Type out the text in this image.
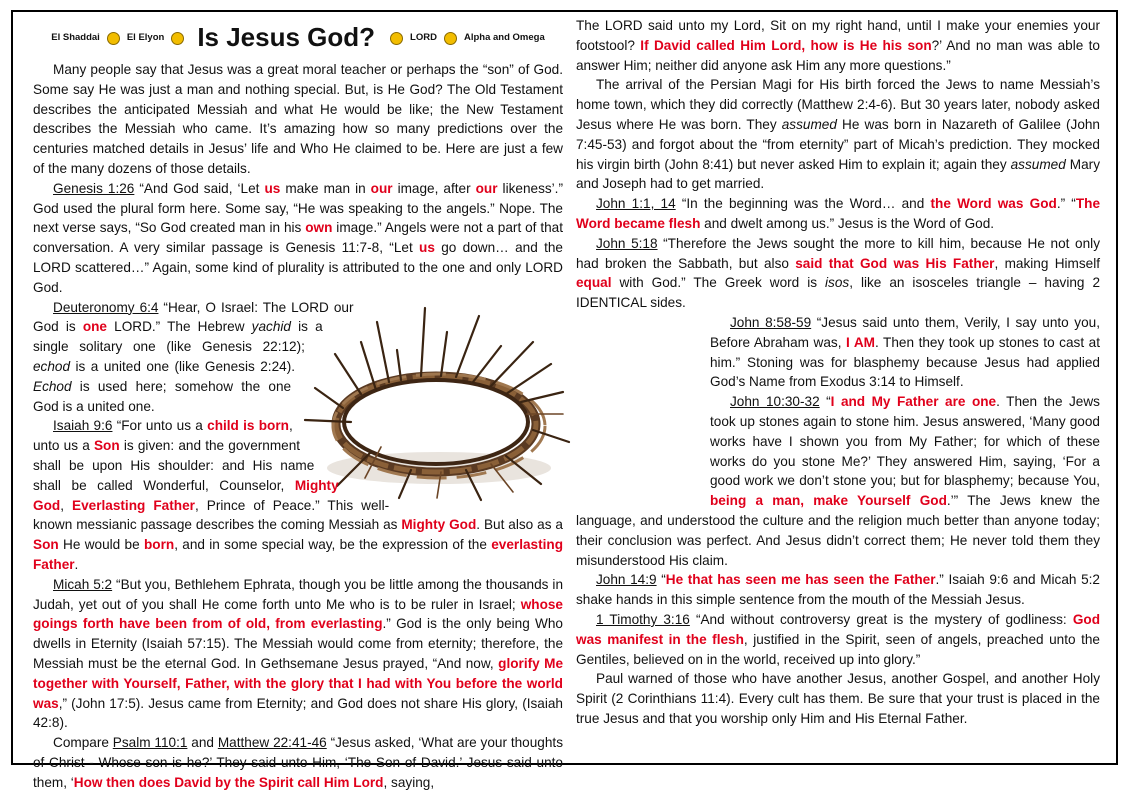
El Shaddai	El Elyon Is Jesus God?	LORD	Alpha and Omega

Many people say that Jesus was a great moral teacher or perhaps the “son” of God. Some say He was just a man and nothing special. But, is He God? The Old Testament describes the anticipated Messiah and what He would be like; the New Testament describes the Messiah who came. It’s amazing how so many predictions over the centuries matched details in Jesus’ life and Who He claimed to be. Here are just a few of the many dozens of those details.

Genesis 1:26 “And God said, ‘Let us make man in our image, after our likeness’.” God used the plural form here. Some say, “He was speaking to the angels.” Nope. The next verse says, “So God created man in his own image.” Angels were not a part of that conversation. A very similar passage is Genesis 11:7-8, “Let us go down… and the LORD scattered…” Again, some kind of plurality is attributed to the one and only LORD God.

Deuteronomy 6:4 “Hear, O Israel: The LORD our God is one LORD.” The Hebrew yachid is a single solitary one (like Genesis 22:12); echod is a united one (like Genesis 2:24). Echod is used here; somehow the one God is a united one.

Isaiah 9:6 “For unto us a child is born, unto us a Son is given: and the government shall be upon His shoulder: and His name shall be called Wonderful, Counselor, Mighty God, Everlasting Father, Prince of Peace.” This well-known messianic passage describes the coming Messiah as Mighty God. But also as a Son He would be born, and in some special way, be the expression of the everlasting Father.

Micah 5:2 “But you, Bethlehem Ephrata, though you be little among the thousands in Judah, yet out of you shall He come forth unto Me who is to be ruler in Israel; whose goings forth have been from of old, from everlasting.” God is the only being Who dwells in Eternity (Isaiah 57:15). The Messiah would come from eternity; therefore, the Messiah must be the eternal God. In Gethsemane Jesus prayed, “And now, glorify Me together with Yourself, Father, with the glory that I had with You before the world was,” (John 17:5). Jesus came from Eternity; and God does not share His glory, (Isaiah 42:8).

Compare Psalm 110:1 and Matthew 22:41-46 “Jesus asked, ‘What are your thoughts of Christ - Whose son is he?’ They said unto Him, ‘The Son of David.’ Jesus said unto them, ‘How then does David by the Spirit call Him Lord, saying,

The LORD said unto my Lord, Sit on my right hand, until I make your enemies your footstool? If David called Him Lord, how is He his son?’ And no man was able to answer Him; neither did anyone ask Him any more questions.”

The arrival of the Persian Magi for His birth forced the Jews to name Messiah’s home town, which they did correctly (Matthew 2:4-6). But 30 years later, nobody asked Jesus where He was born. They assumed He was born in Nazareth of Galilee (John 7:45-53) and forgot about the “from eternity” part of Micah’s prediction. They mocked his virgin birth (John 8:41) but never asked Him to explain it; again they assumed Mary and Joseph had to get married.

John 1:1, 14 “In the beginning was the Word… and the Word was God.” “The Word became flesh and dwelt among us.” Jesus is the Word of God.

John 5:18 “Therefore the Jews sought the more to kill him, because He not only had broken the Sabbath, but also said that God was His Father, making Himself equal with God.” The Greek word is isos, like an isosceles triangle – having 2 IDENTICAL sides.

John 8:58-59 “Jesus said unto them, Verily, I say unto you, Before Abraham was, I AM. Then they took up stones to cast at him.” Stoning was for blasphemy because Jesus had applied God’s Name from Exodus 3:14 to Himself.

John 10:30-32 “I and My Father are one. Then the Jews took up stones again to stone him. Jesus answered, ‘Many good works have I shown you from My Father; for which of these works do you stone Me?’ They answered Him, saying, ‘For a good work we don’t stone you; but for blasphemy; because You, being a man, make Yourself God.’” The Jews knew the language, and understood the culture and the religion much better than anyone today; their conclusion was perfect. And Jesus didn’t correct them; He never told them they misunderstood His claim.

John 14:9 “He that has seen me has seen the Father.” Isaiah 9:6 and Micah 5:2 shake hands in this simple sentence from the mouth of the Messiah Jesus.

1 Timothy 3:16 “And without controversy great is the mystery of godliness: God was manifest in the flesh, justified in the Spirit, seen of angels, preached unto the Gentiles, believed on in the world, received up into glory.”

Paul warned of those who have another Jesus, another Gospel, and another Holy Spirit (2 Corinthians 11:4). Every cult has them. Be sure that your trust is placed in the true Jesus and that you worship only Him and His Eternal Father.
